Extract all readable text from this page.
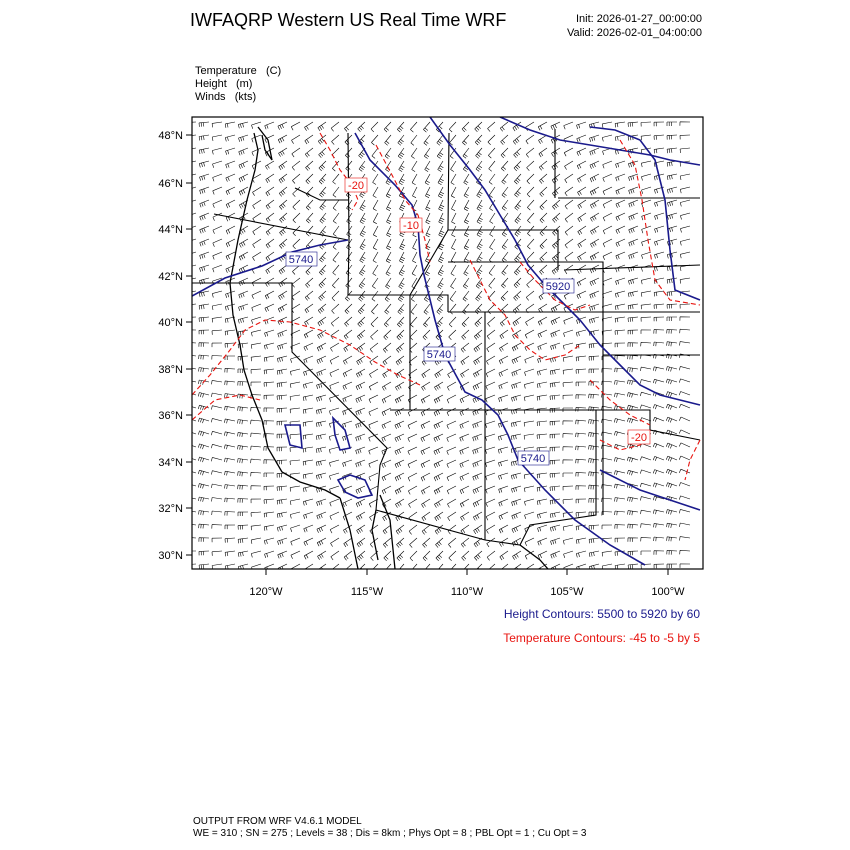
IWFAQRP Western US Real Time WRF	Init: 2026-01-27_00:00:00
Valid: 2026-02-01_04:00:00
Temperature (C)
Height (m)
Winds (kts)
48°N
46°N
44°N
42°N
40°N
38°N
36°N
34°N
32°N
30°N
120°W	115°W	110°W	105°W	100°W
5740
5740
5740
5920
-20
-10
-20
Height Contours: 5500 to 5920 by 60
Temperature Contours: -45 to -5 by 5
OUTPUT FROM WRF V4.6.1 MODEL
WE = 310 ; SN = 275 ; Levels = 38 ; Dis = 8km ; Phys Opt = 8 ; PBL Opt = 1 ; Cu Opt = 3
